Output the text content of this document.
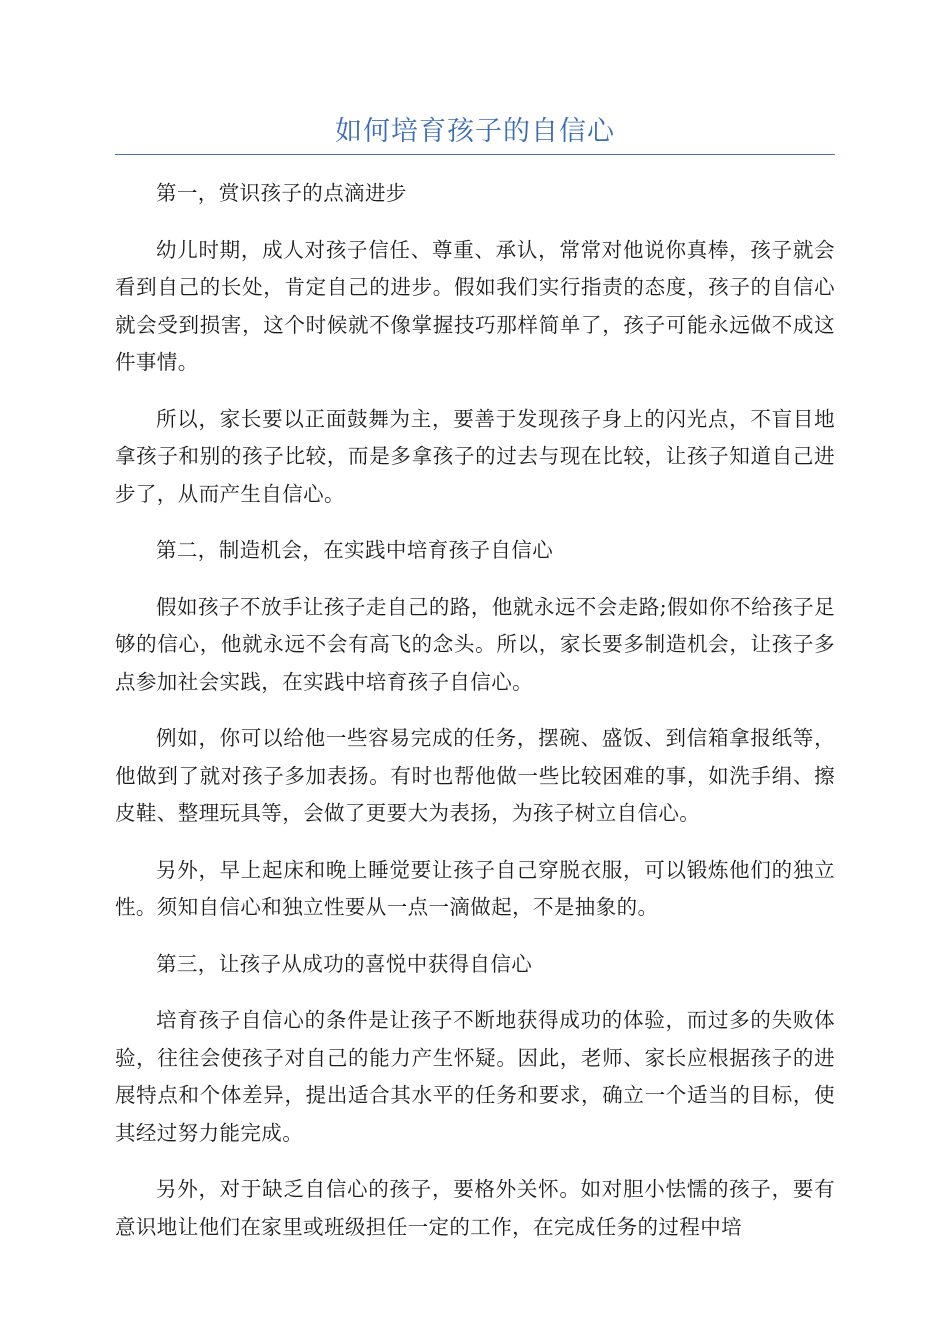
如何培育孩子的自信心

第一，赏识孩子的点滴进步

幼儿时期，成人对孩子信任、尊重、承认，常常对他说你真棒，孩子就会看到自己的长处，肯定自己的进步。假如我们实行指责的态度，孩子的自信心就会受到损害，这个时候就不像掌握技巧那样简单了，孩子可能永远做不成这件事情。

所以，家长要以正面鼓舞为主，要善于发现孩子身上的闪光点，不盲目地拿孩子和别的孩子比较，而是多拿孩子的过去与现在比较，让孩子知道自己进步了，从而产生自信心。

第二，制造机会，在实践中培育孩子自信心

假如孩子不放手让孩子走自己的路，他就永远不会走路;假如你不给孩子足够的信心，他就永远不会有高飞的念头。所以，家长要多制造机会，让孩子多点参加社会实践，在实践中培育孩子自信心。

例如，你可以给他一些容易完成的任务，摆碗、盛饭、到信箱拿报纸等，他做到了就对孩子多加表扬。有时也帮他做一些比较困难的事，如洗手绢、擦皮鞋、整理玩具等，会做了更要大为表扬，为孩子树立自信心。

另外，早上起床和晚上睡觉要让孩子自己穿脱衣服，可以锻炼他们的独立性。须知自信心和独立性要从一点一滴做起，不是抽象的。

第三，让孩子从成功的喜悦中获得自信心

培育孩子自信心的条件是让孩子不断地获得成功的体验，而过多的失败体验，往往会使孩子对自己的能力产生怀疑。因此，老师、家长应根据孩子的进展特点和个体差异，提出适合其水平的任务和要求，确立一个适当的目标，使其经过努力能完成。

另外，对于缺乏自信心的孩子，要格外关怀。如对胆小怯懦的孩子，要有意识地让他们在家里或班级担任一定的工作，在完成任务的过程中培
